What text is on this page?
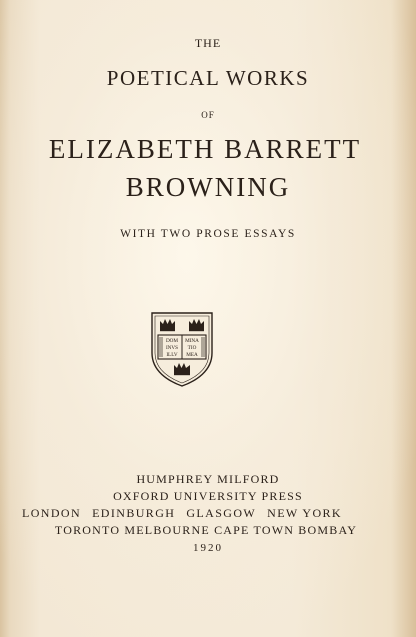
THE
POETICAL WORKS
OF
ELIZABETH BARRETT
BROWNING
WITH TWO PROSE ESSAYS
DOM
INVS
ILLV
MINA
TIO
MEA
HUMPHREY MILFORD
OXFORD UNIVERSITY PRESS
LONDON EDINBURGH GLASGOW NEW YORK
TORONTO MELBOURNE CAPE TOWN BOMBAY
1920
